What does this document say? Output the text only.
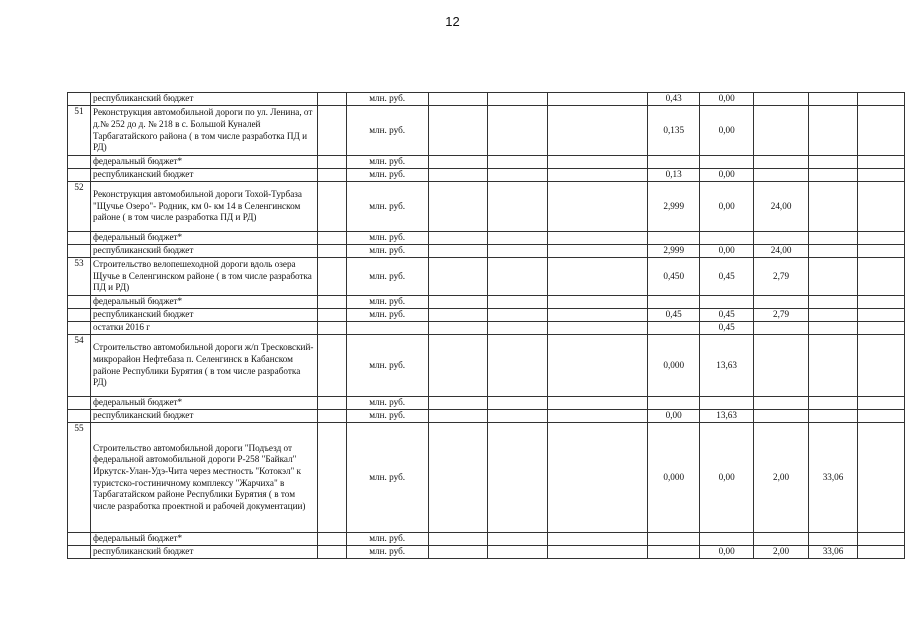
12
	республиканский бюджет		млн. руб.				0,43	0,00			
51	Реконструкция автомобильной дороги по ул. Ленина, от д.№ 252 до д. № 218 в с. Большой Куналей Тарбагатайского района ( в том числе разработка ПД и РД)		млн. руб.				0,135	0,00			
	федеральный бюджет*		млн. руб.								
	республиканский бюджет		млн. руб.				0,13	0,00			
52	Реконструкция автомобильной дороги Тохой-Турбаза "Щучье Озеро"- Родник, км 0- км 14 в Селенгинском районе ( в том числе разработка ПД и РД)		млн. руб.				2,999	0,00	24,00		
	федеральный бюджет*		млн. руб.								
	республиканский бюджет		млн. руб.				2,999	0,00	24,00		
53	Строительство велопешеходной дороги вдоль озера Щучье в Селенгинском районе ( в том числе разработка ПД и РД)		млн. руб.				0,450	0,45	2,79		
	федеральный бюджет*		млн. руб.								
	республиканский бюджет		млн. руб.				0,45	0,45	2,79		
	остатки 2016 г							0,45			
54	Строительство автомобильной дороги ж/п Тресковский-микрорайон Нефтебаза п. Селенгинск в Кабанском районе Республики Бурятия ( в том числе разработка РД)		млн. руб.				0,000	13,63			
	федеральный бюджет*		млн. руб.								
	республиканский бюджет		млн. руб.				0,00	13,63			
55	Строительство автомобильной дороги "Подъезд от федеральной автомобильной дороги Р-258 "Байкал" Иркутск-Улан-Удэ-Чита через местность "Котокэл" к туристско-гостиничному комплексу "Жарчиха" в Тарбагатайском районе Республики Бурятия ( в том числе разработка проектной и рабочей документации)		млн. руб.				0,000	0,00	2,00	33,06	
	федеральный бюджет*		млн. руб.								
	республиканский бюджет		млн. руб.					0,00	2,00	33,06	
